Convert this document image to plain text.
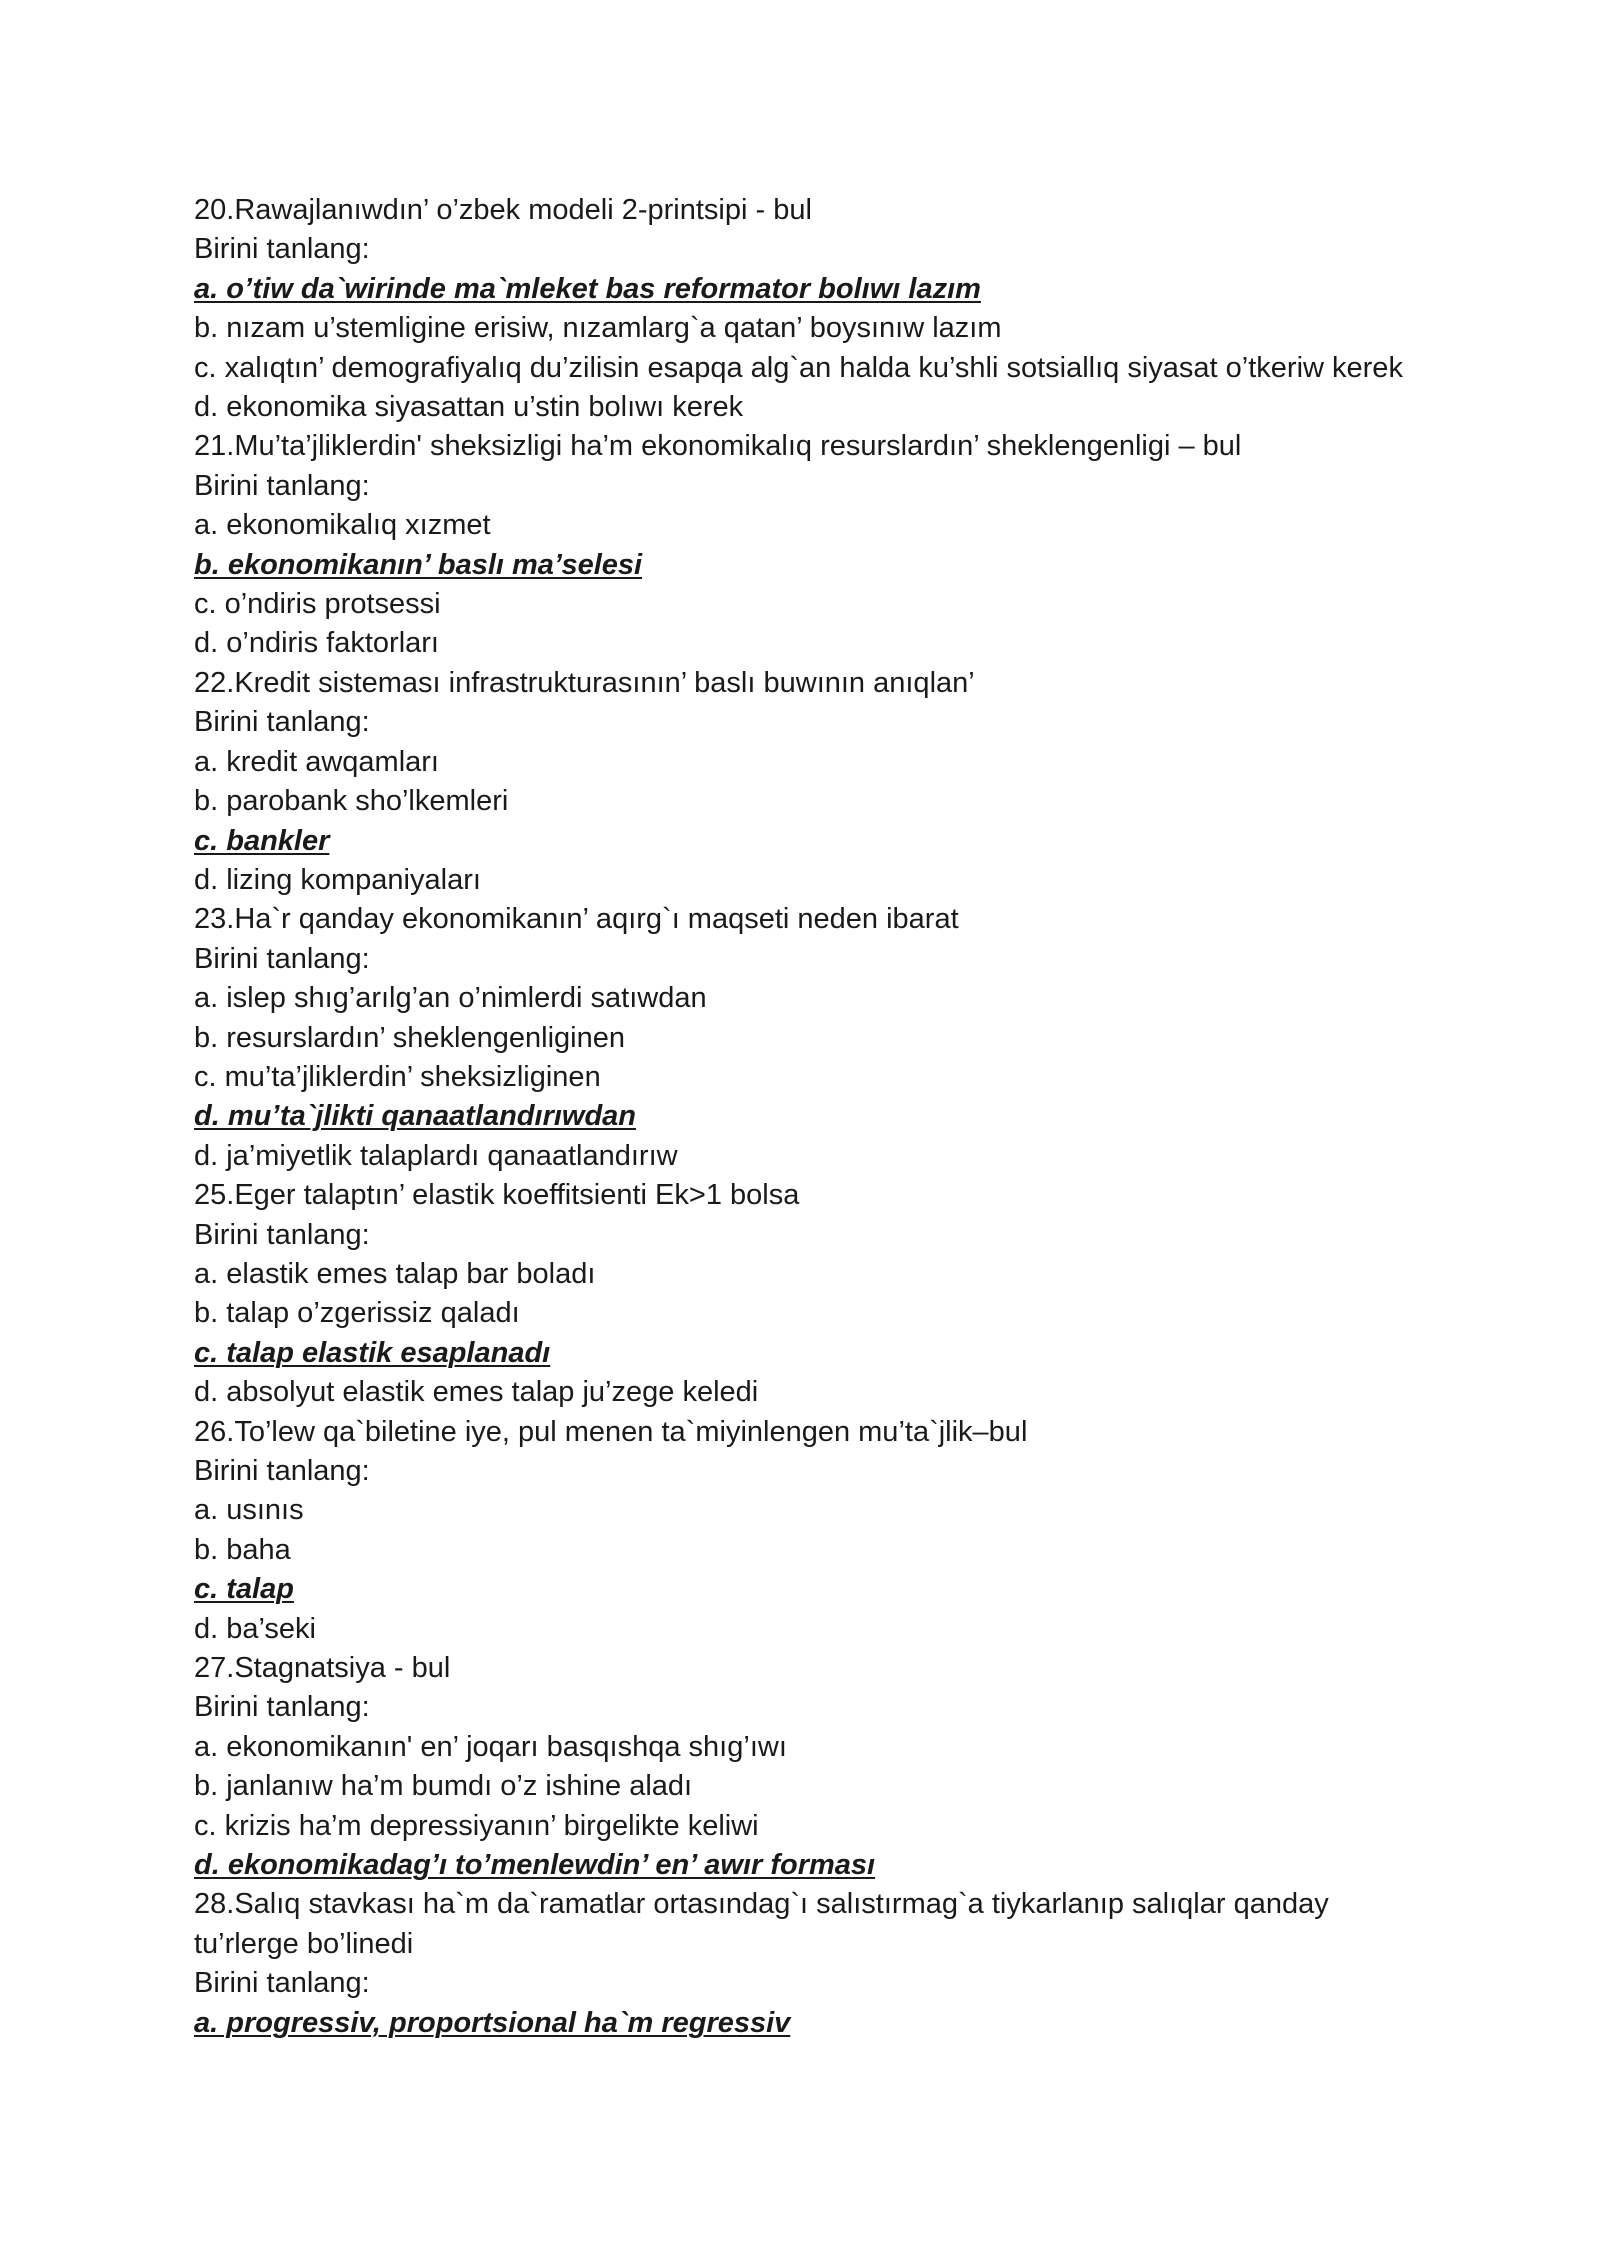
20.Rawajlanıwdın’ o’zbek modeli 2-printsipi - bul
Birini tanlang:
a. o’tiw da`wirinde ma`mleket bas reformator bolıwı lazım
b. nızam u’stemligine erisiw, nızamlarg`a qatan’ boysınıw lazım
c. xalıqtın’ demografiyalıq du’zilisin esapqa alg`an halda ku’shli sotsiallıq siyasat o’tkeriw kerek
d. ekonomika siyasattan u’stin bolıwı kerek
21.Mu’ta’jliklerdin' sheksizligi ha’m ekonomikalıq resurslardın’ sheklengenligi – bul
Birini tanlang:
a. ekonomikalıq xızmet
b. ekonomikanın’ baslı ma’selesi
c. o’ndiris protsessi
d. o’ndiris faktorları
22.Kredit sisteması infrastrukturasının’ baslı buwının anıqlan’
Birini tanlang:
a. kredit awqamları
b. parobank sho’lkemleri
c. bankler
d. lizing kompaniyaları
23.Ha`r qanday ekonomikanın’ aqırg`ı maqseti neden ibarat
Birini tanlang:
a. islep shıg’arılg’an o’nimlerdi satıwdan
b. resurslardın’ sheklengenliginen
c. mu’ta’jliklerdin’ sheksizliginen
d. mu’ta`jlikti qanaatlandırıwdan
d. ja’miyetlik talaplardı qanaatlandırıw
25.Eger talaptın’ elastik koeffitsienti Ek>1 bolsa
Birini tanlang:
a. elastik emes talap bar boladı
b. talap o’zgerissiz qaladı
c. talap elastik esaplanadı
d. absolyut elastik emes talap ju’zege keledi
26.To’lew qa`biletine iye, pul menen ta`miyinlengen mu’ta`jlik–bul
Birini tanlang:
a. usınıs
b. baha
c. talap
d. ba’seki
27.Stagnatsiya - bul
Birini tanlang:
a. ekonomikanın' en’ joqarı basqıshqa shıg’ıwı
b. janlanıw ha’m bumdı o’z ishine aladı
c. krizis ha’m depressiyanın’ birgelikte keliwi
d. ekonomikadag’ı to’menlewdin’ en’ awır forması
28.Salıq stavkası ha`m da`ramatlar ortasındag`ı salıstırmag`a tiykarlanıp salıqlar qanday tu’rlerge bo’linedi
Birini tanlang:
a. progressiv, proportsional ha`m regressiv
